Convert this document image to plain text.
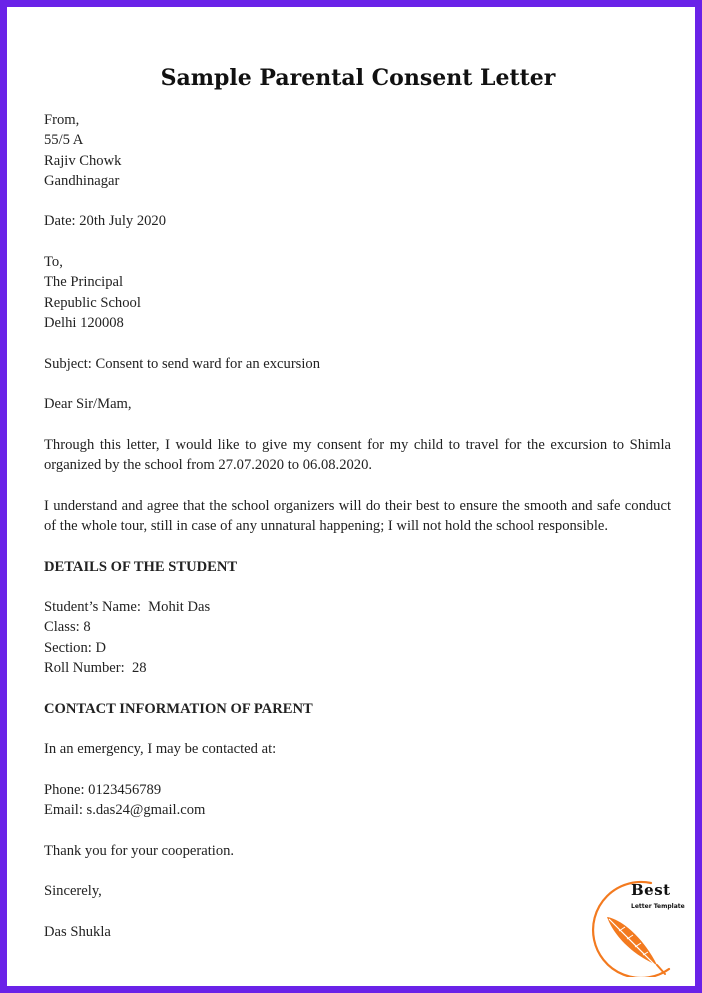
Sample Parental Consent Letter
From,
55/5 A
Rajiv Chowk
Gandhinagar
Date: 20th July 2020
To,
The Principal
Republic School
Delhi 120008
Subject: Consent to send ward for an excursion
Dear Sir/Mam,
Through this letter, I would like to give my consent for my child to travel for the excursion to Shimla organized by the school from 27.07.2020 to 06.08.2020.
I understand and agree that the school organizers will do their best to ensure the smooth and safe conduct of the whole tour, still in case of any unnatural happening; I will not hold the school responsible.
DETAILS OF THE STUDENT
Student’s Name:  Mohit Das
Class: 8
Section: D
Roll Number:  28
CONTACT INFORMATION OF PARENT
In an emergency, I may be contacted at:
Phone: 0123456789
Email: s.das24@gmail.com
Thank you for your cooperation.
Sincerely,
Das Shukla
Best
Letter Template
